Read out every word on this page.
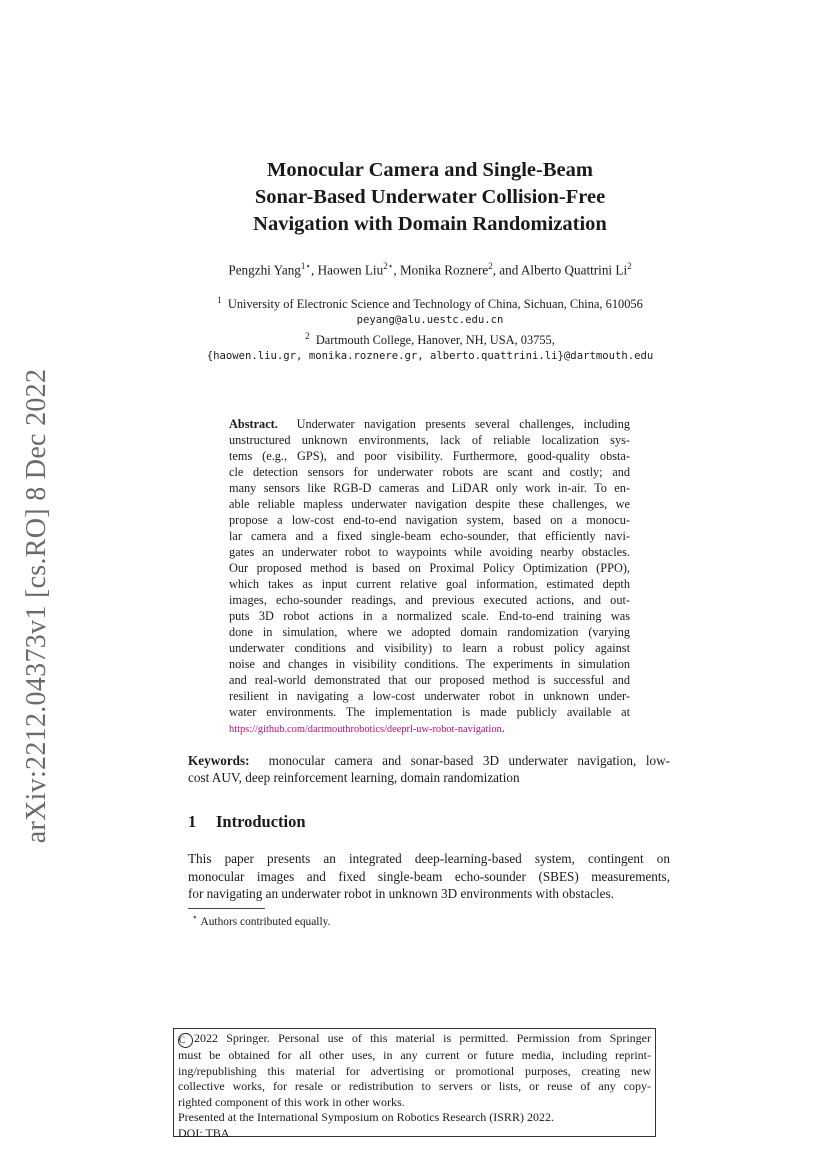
arXiv:2212.04373v1 [cs.RO] 8 Dec 2022
Monocular Camera and Single-Beam
Sonar-Based Underwater Collision-Free
Navigation with Domain Randomization
Pengzhi Yang$^{1⋆}$, Haowen Liu$^{2⋆}$, Monika Roznere$^2$, and Alberto Quattrini Li$^2$
$^1$ University of Electronic Science and Technology of China, Sichuan, China, 610056
peyang@alu.uestc.edu.cn
$^2$ Dartmouth College, Hanover, NH, USA, 03755,
{haowen.liu.gr, monika.roznere.gr, alberto.quattrini.li}@dartmouth.edu
Abstract. Underwater navigation presents several challenges, including
unstructured unknown environments, lack of reliable localization sys-
tems (e.g., GPS), and poor visibility. Furthermore, good-quality obsta-
cle detection sensors for underwater robots are scant and costly; and
many sensors like RGB-D cameras and LiDAR only work in-air. To en-
able reliable mapless underwater navigation despite these challenges, we
propose a low-cost end-to-end navigation system, based on a monocu-
lar camera and a fixed single-beam echo-sounder, that efficiently navi-
gates an underwater robot to waypoints while avoiding nearby obstacles.
Our proposed method is based on Proximal Policy Optimization (PPO),
which takes as input current relative goal information, estimated depth
images, echo-sounder readings, and previous executed actions, and out-
puts 3D robot actions in a normalized scale. End-to-end training was
done in simulation, where we adopted domain randomization (varying
underwater conditions and visibility) to learn a robust policy against
noise and changes in visibility conditions. The experiments in simulation
and real-world demonstrated that our proposed method is successful and
resilient in navigating a low-cost underwater robot in unknown under-
water environments. The implementation is made publicly available at
https://github.com/dartmouthrobotics/deeprl-uw-robot-navigation.
Keywords: monocular camera and sonar-based 3D underwater navigation, low-
cost AUV, deep reinforcement learning, domain randomization
1 Introduction
This paper presents an integrated deep-learning-based system, contingent on
monocular images and fixed single-beam echo-sounder (SBES) measurements,
for navigating an underwater robot in unknown 3D environments with obstacles.
⋆ Authors contributed equally.
C 2022 Springer. Personal use of this material is permitted. Permission from Springer
must be obtained for all other uses, in any current or future media, including reprint-
ing/republishing this material for advertising or promotional purposes, creating new
collective works, for resale or redistribution to servers or lists, or reuse of any copy-
righted component of this work in other works.
Presented at the International Symposium on Robotics Research (ISRR) 2022.
DOI: TBA
